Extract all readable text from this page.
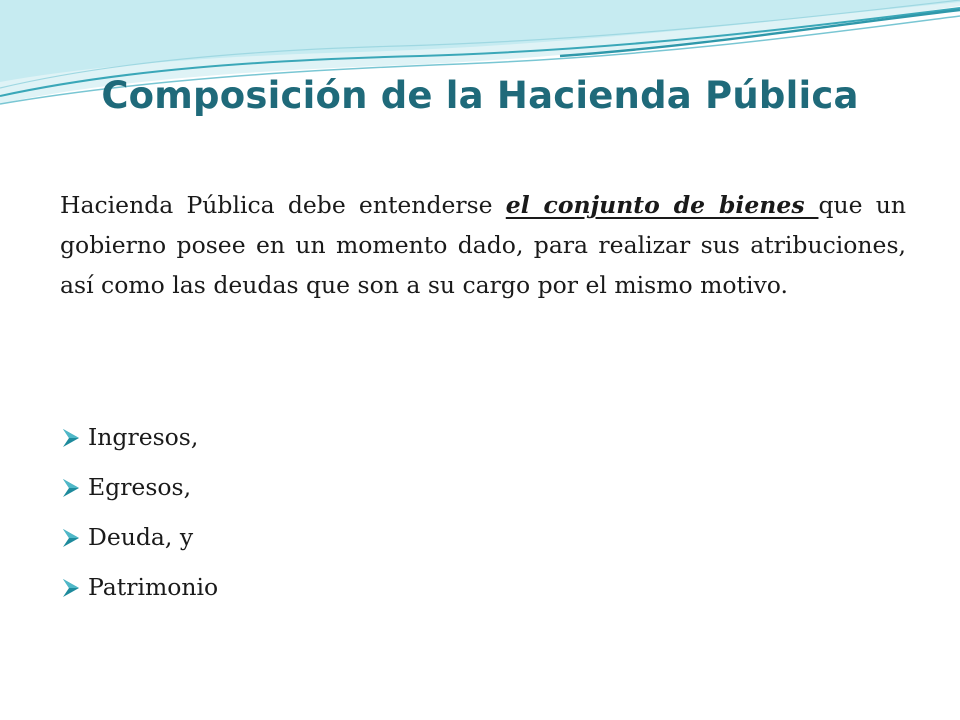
Composición de la Hacienda Pública

Hacienda Pública debe entenderse el conjunto de bienes que un gobierno posee en un momento dado, para realizar sus atribuciones, así como las deudas que son a su cargo por el mismo motivo.

Ingresos,
Egresos,
Deuda, y
Patrimonio
